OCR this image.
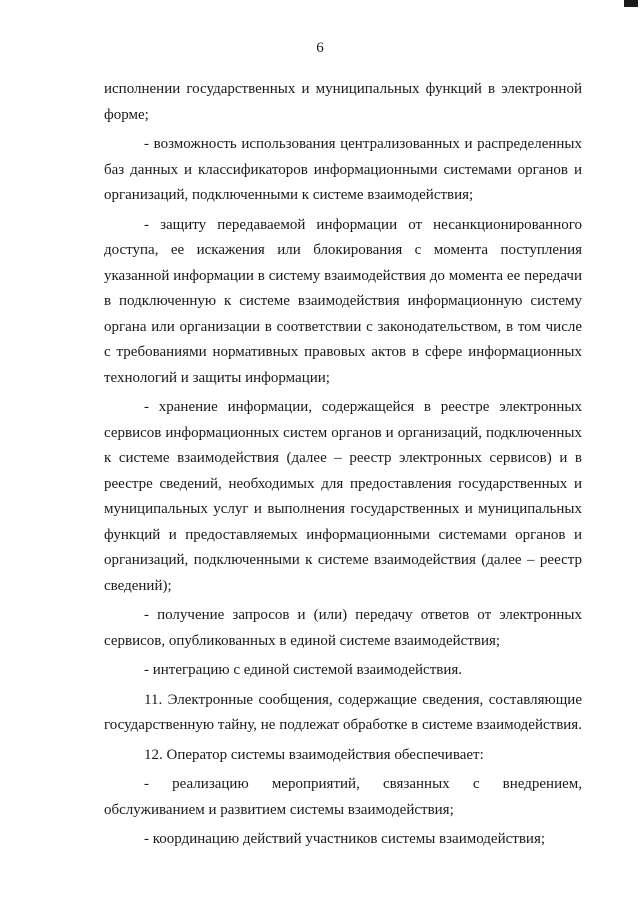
6

исполнении государственных и муниципальных функций в электронной форме;

- возможность использования централизованных и распределенных баз данных и классификаторов информационными системами органов и организаций, подключенными к системе взаимодействия;

- защиту передаваемой информации от несанкционированного доступа, ее искажения или блокирования с момента поступления указанной информации в систему взаимодействия до момента ее передачи в подключенную к системе взаимодействия информационную систему органа или организации в соответствии с законодательством, в том числе с требованиями нормативных правовых актов в сфере информационных технологий и защиты информации;

- хранение информации, содержащейся в реестре электронных сервисов информационных систем органов и организаций, подключенных к системе взаимодействия (далее – реестр электронных сервисов) и в реестре сведений, необходимых для предоставления государственных и муниципальных услуг и выполнения государственных и муниципальных функций и предоставляемых информационными системами органов и организаций, подключенными к системе взаимодействия (далее – реестр сведений);

- получение запросов и (или) передачу ответов от электронных сервисов, опубликованных в единой системе взаимодействия;

- интеграцию с единой системой взаимодействия.

11. Электронные сообщения, содержащие сведения, составляющие государственную тайну, не подлежат обработке в системе взаимодействия.

12. Оператор системы взаимодействия обеспечивает:

- реализацию мероприятий, связанных с внедрением, обслуживанием и развитием системы взаимодействия;

- координацию действий участников системы взаимодействия;
